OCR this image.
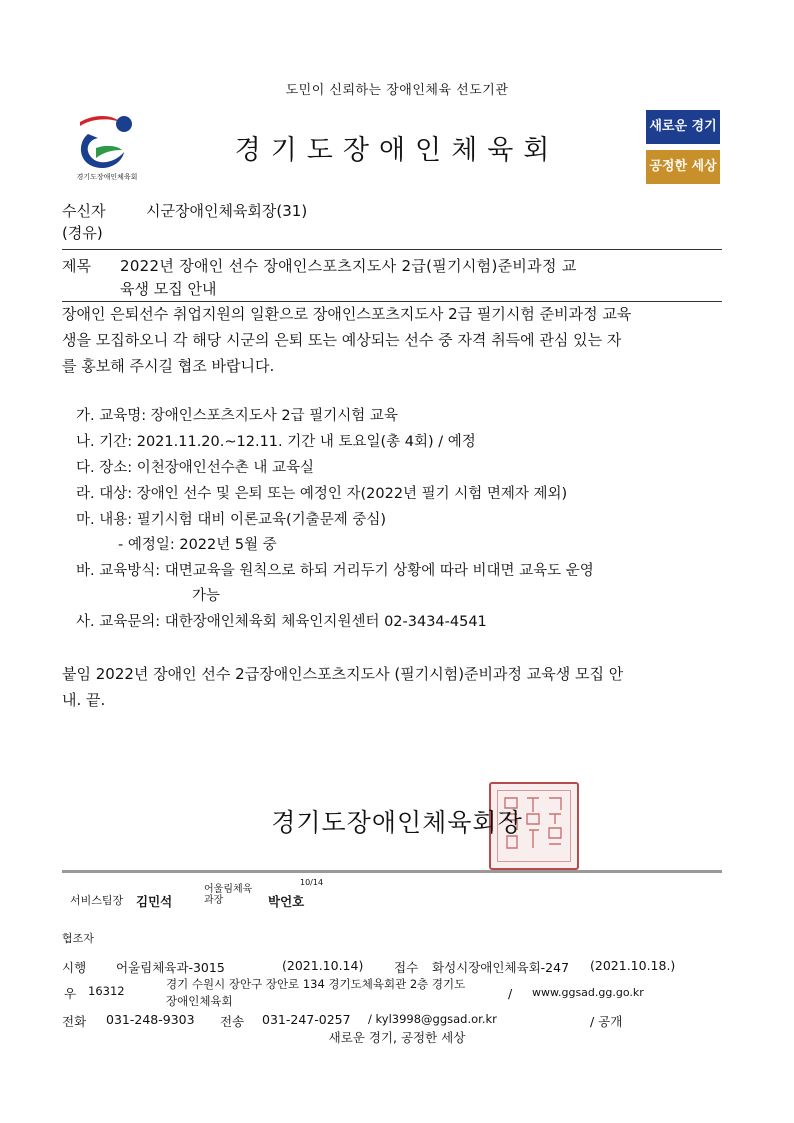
도민이 신뢰하는 장애인체육 선도기관
경기도장애인체육회
경기도장애인체육회
새로운 경기
공정한 세상
수신자	시군장애인체육회장(31)
(경유)
제목 2022년 장애인 선수 장애인스포츠지도사 2급(필기시험)준비과정 교
육생 모집 안내
장애인 은퇴선수 취업지원의 일환으로 장애인스포츠지도사 2급 필기시험 준비과정 교육
생을 모집하오니 각 해당 시군의 은퇴 또는 예상되는 선수 중 자격 취득에 관심 있는 자
를 홍보해 주시길 협조 바랍니다.
가. 교육명: 장애인스포츠지도사 2급 필기시험 교육
나. 기간: 2021.11.20.~12.11. 기간 내 토요일(총 4회) / 예정
다. 장소: 이천장애인선수촌 내 교육실
라. 대상: 장애인 선수 및 은퇴 또는 예정인 자(2022년 필기 시험 면제자 제외)
마. 내용: 필기시험 대비 이론교육(기출문제 중심)
- 예정일: 2022년 5월 중
바. 교육방식: 대면교육을 원칙으로 하되 거리두기 상황에 따라 비대면 교육도 운영
가능
사. 교육문의: 대한장애인체육회 체육인지원센터 02-3434-4541
붙임 2022년 장애인 선수 2급장애인스포츠지도사 (필기시험)준비과정 교육생 모집 안
내. 끝.
경기도장애인체육회장
서비스팀장 김민석
어울림체육
과장
10/14
박언호
협조자
시행 어울림체육과-3015	(2021.10.14) 접수 화성시장애인체육회-247 (2021.10.18.)
우 16312	경기 수원시 장안구 장안로 134 경기도체육회관 2층 경기도
장애인체육회	/ www.ggsad.gg.go.kr
전화 031-248-9303 전송 031-247-0257 / kyl3998@ggsad.or.kr	/ 공개
새로운 경기, 공정한 세상
